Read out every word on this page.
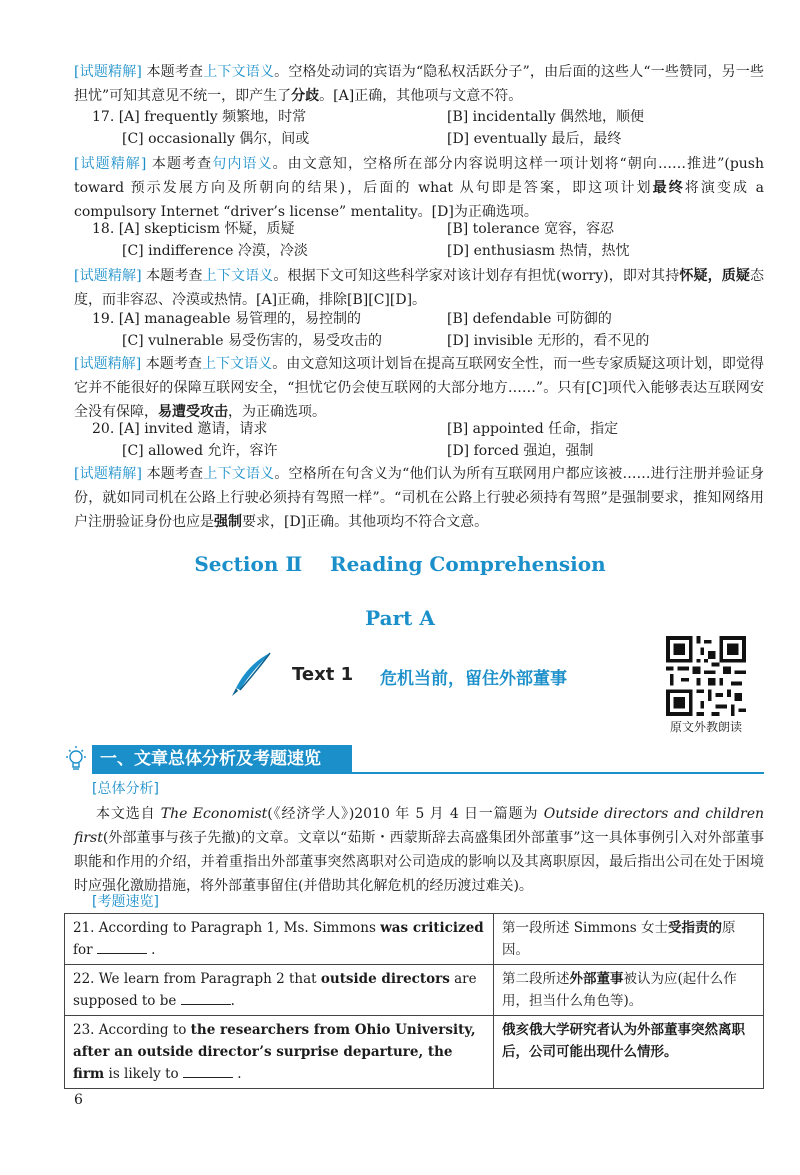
[试题精解] 本题考查上下文语义。空格处动词的宾语为“隐私权活跃分子”，由后面的这些人“一些赞同，另一些担忧”可知其意见不统一，即产生了分歧。[A]正确，其他项与文意不符。
17. [A] frequently 频繁地，时常	[B] incidentally 偶然地，顺便
[C] occasionally 偶尔，间或	[D] eventually 最后，最终
[试题精解] 本题考查句内语义。由文意知，空格所在部分内容说明这样一项计划将“朝向……推进”(push toward 预示发展方向及所朝向的结果)，后面的 what 从句即是答案，即这项计划最终将演变成 a compulsory Internet “driver’s license” mentality。[D]为正确选项。
18. [A] skepticism 怀疑，质疑	[B] tolerance 宽容，容忍
[C] indifference 冷漠，冷淡	[D] enthusiasm 热情，热忱
[试题精解] 本题考查上下文语义。根据下文可知这些科学家对该计划存有担忧(worry)，即对其持怀疑，质疑态度，而非容忍、冷漠或热情。[A]正确，排除[B][C][D]。
19. [A] manageable 易管理的，易控制的	[B] defendable 可防御的
[C] vulnerable 易受伤害的，易受攻击的	[D] invisible 无形的，看不见的
[试题精解] 本题考查上下文语义。由文意知这项计划旨在提高互联网安全性，而一些专家质疑这项计划，即觉得它并不能很好的保障互联网安全，“担忧它仍会使互联网的大部分地方……”。只有[C]项代入能够表达互联网安全没有保障，易遭受攻击，为正确选项。
20. [A] invited 邀请，请求	[B] appointed 任命，指定
[C] allowed 允许，容许	[D] forced 强迫，强制
[试题精解] 本题考查上下文语义。空格所在句含义为“他们认为所有互联网用户都应该被……进行注册并验证身份，就如同司机在公路上行驶必须持有驾照一样”。“司机在公路上行驶必须持有驾照”是强制要求，推知网络用户注册验证身份也应是强制要求，[D]正确。其他项均不符合文意。
Section Ⅱ    Reading Comprehension
Part A
Text 1 危机当前，留住外部董事
原文外教朗读
一、文章总体分析及考题速览
[总体分析]
本文选自 The Economist(《经济学人》)2010 年 5 月 4 日一篇题为 Outside directors and children first(外部董事与孩子先撤)的文章。文章以“茹斯・西蒙斯辞去高盛集团外部董事”这一具体事例引入对外部董事职能和作用的介绍，并着重指出外部董事突然离职对公司造成的影响以及其离职原因，最后指出公司在处于困境时应强化激励措施，将外部董事留住(并借助其化解危机的经历渡过难关)。
[考题速览]
21. According to Paragraph 1, Ms. Simmons was criticized
for .	第一段所述 Simmons 女士受指责的原因。
22. We learn from Paragraph 2 that outside directors are supposed to be .	第二段所述外部董事被认为应(起什么作用，担当什么角色等)。
23. According to the researchers from Ohio University, after an outside director’s surprise departure, the firm is likely to .	俄亥俄大学研究者认为外部董事突然离职后，公司可能出现什么情形。
6
